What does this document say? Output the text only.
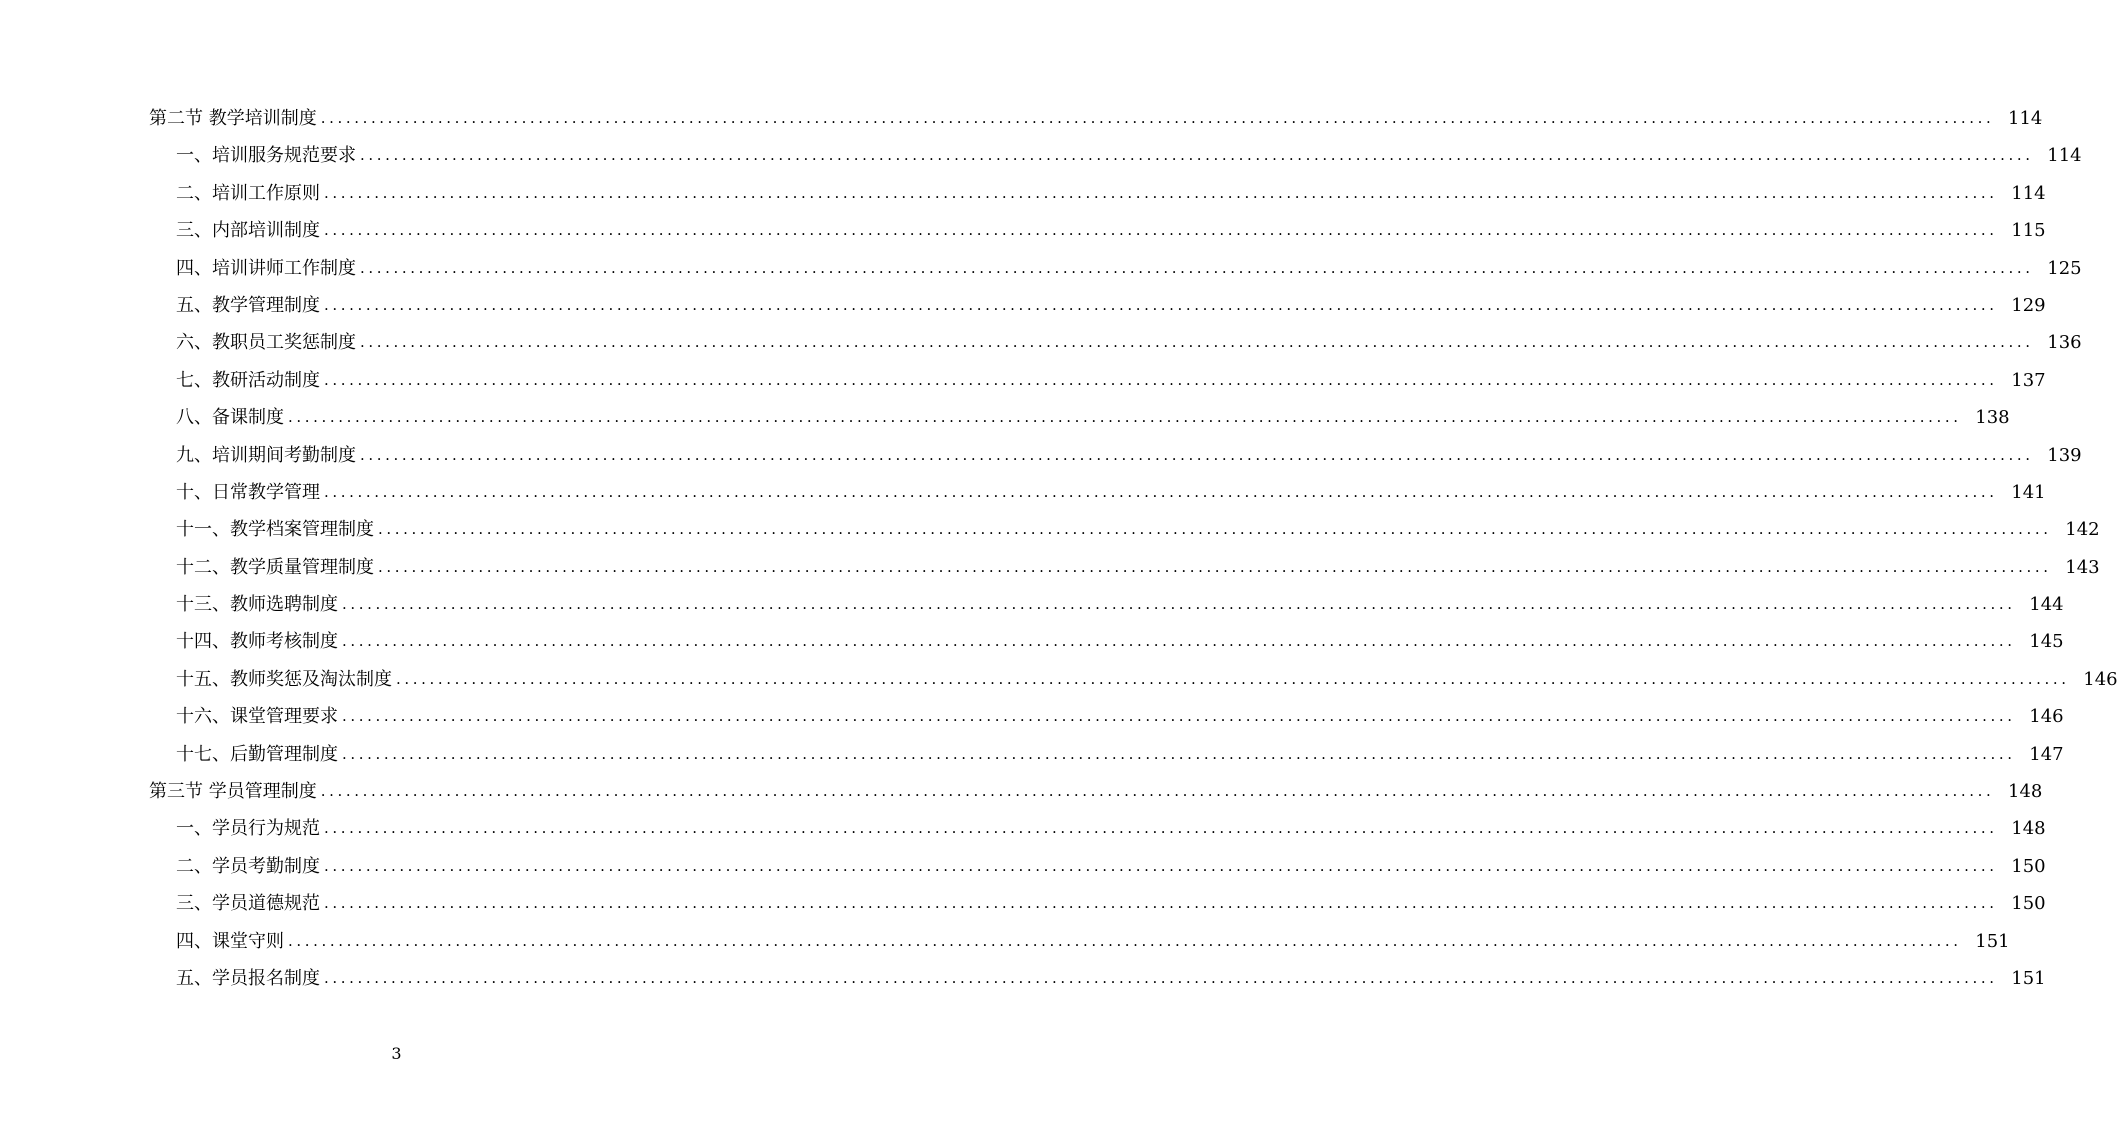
第二节 教学培训制度 ........................................................................................................................................................................................................ 114
一、培训服务规范要求 ........................................................................................................................................................................................................ 114
二、培训工作原则 ........................................................................................................................................................................................................ 114
三、内部培训制度 ........................................................................................................................................................................................................ 115
四、培训讲师工作制度 ........................................................................................................................................................................................................ 125
五、教学管理制度 ........................................................................................................................................................................................................ 129
六、教职员工奖惩制度 ........................................................................................................................................................................................................ 136
七、教研活动制度 ........................................................................................................................................................................................................ 137
八、备课制度 ........................................................................................................................................................................................................ 138
九、培训期间考勤制度 ........................................................................................................................................................................................................ 139
十、日常教学管理 ........................................................................................................................................................................................................ 141
十一、教学档案管理制度 ........................................................................................................................................................................................................ 142
十二、教学质量管理制度 ........................................................................................................................................................................................................ 143
十三、教师选聘制度 ........................................................................................................................................................................................................ 144
十四、教师考核制度 ........................................................................................................................................................................................................ 145
十五、教师奖惩及淘汰制度 ........................................................................................................................................................................................................ 146
十六、课堂管理要求 ........................................................................................................................................................................................................ 146
十七、后勤管理制度 ........................................................................................................................................................................................................ 147
第三节 学员管理制度 ........................................................................................................................................................................................................ 148
一、学员行为规范 ........................................................................................................................................................................................................ 148
二、学员考勤制度 ........................................................................................................................................................................................................ 150
三、学员道德规范 ........................................................................................................................................................................................................ 150
四、课堂守则 ........................................................................................................................................................................................................ 151
五、学员报名制度 ........................................................................................................................................................................................................ 151
3
